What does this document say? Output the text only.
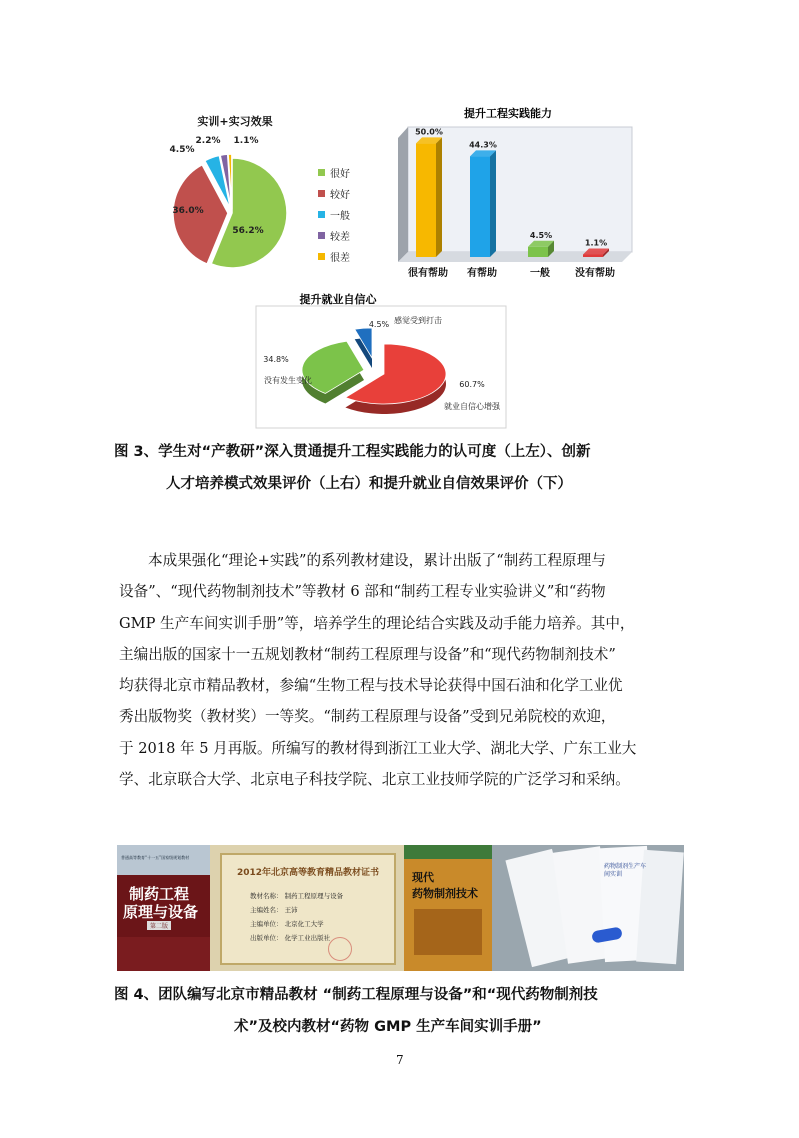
实训+实习效果
56.2%
36.0%
4.5%
2.2% 1.1%
很好
较好
一般
较差
很差
提升工程实践能力
50.0%
很有帮助
44.3%
有帮助
4.5%
一般
1.1%
没有帮助
提升就业自信心
60.7%
就业自信心增强
34.8%
没有发生变化
4.5% 感觉受到打击
图 3、学生对“产教研”深入贯通提升工程实践能力的认可度（上左）、创新
人才培养模式效果评价（上右）和提升就业自信效果评价（下）
本成果强化“理论+实践”的系列教材建设，累计出版了“制药工程原理与
设备”、“现代药物制剂技术”等教材 6 部和“制药工程专业实验讲义”和“药物
GMP 生产车间实训手册”等，培养学生的理论结合实践及动手能力培养。其中，
主编出版的国家十一五规划教材“制药工程原理与设备”和“现代药物制剂技术”
均获得北京市精品教材，参编“生物工程与技术导论获得中国石油和化学工业优
秀出版物奖（教材奖）一等奖。“制药工程原理与设备”受到兄弟院校的欢迎，
于 2018 年 5 月再版。所编写的教材得到浙江工业大学、湖北大学、广东工业大
学、北京联合大学、北京电子科技学院、北京工业技师学院的广泛学习和采纳。
普通高等教育“十一五”国家级规划教材
制药工程
原理与设备
第二版
2012年北京高等教育精品教材证书
教材名称： 制药工程原理与设备
主编姓名： 王沛
主编单位： 北京化工大学
出版单位： 化学工业出版社
现代
药物制剂技术
药物制剂生产车间实训
图 4、团队编写北京市精品教材 “制药工程原理与设备”和“现代药物制剂技
术”及校内教材“药物 GMP 生产车间实训手册”
7
